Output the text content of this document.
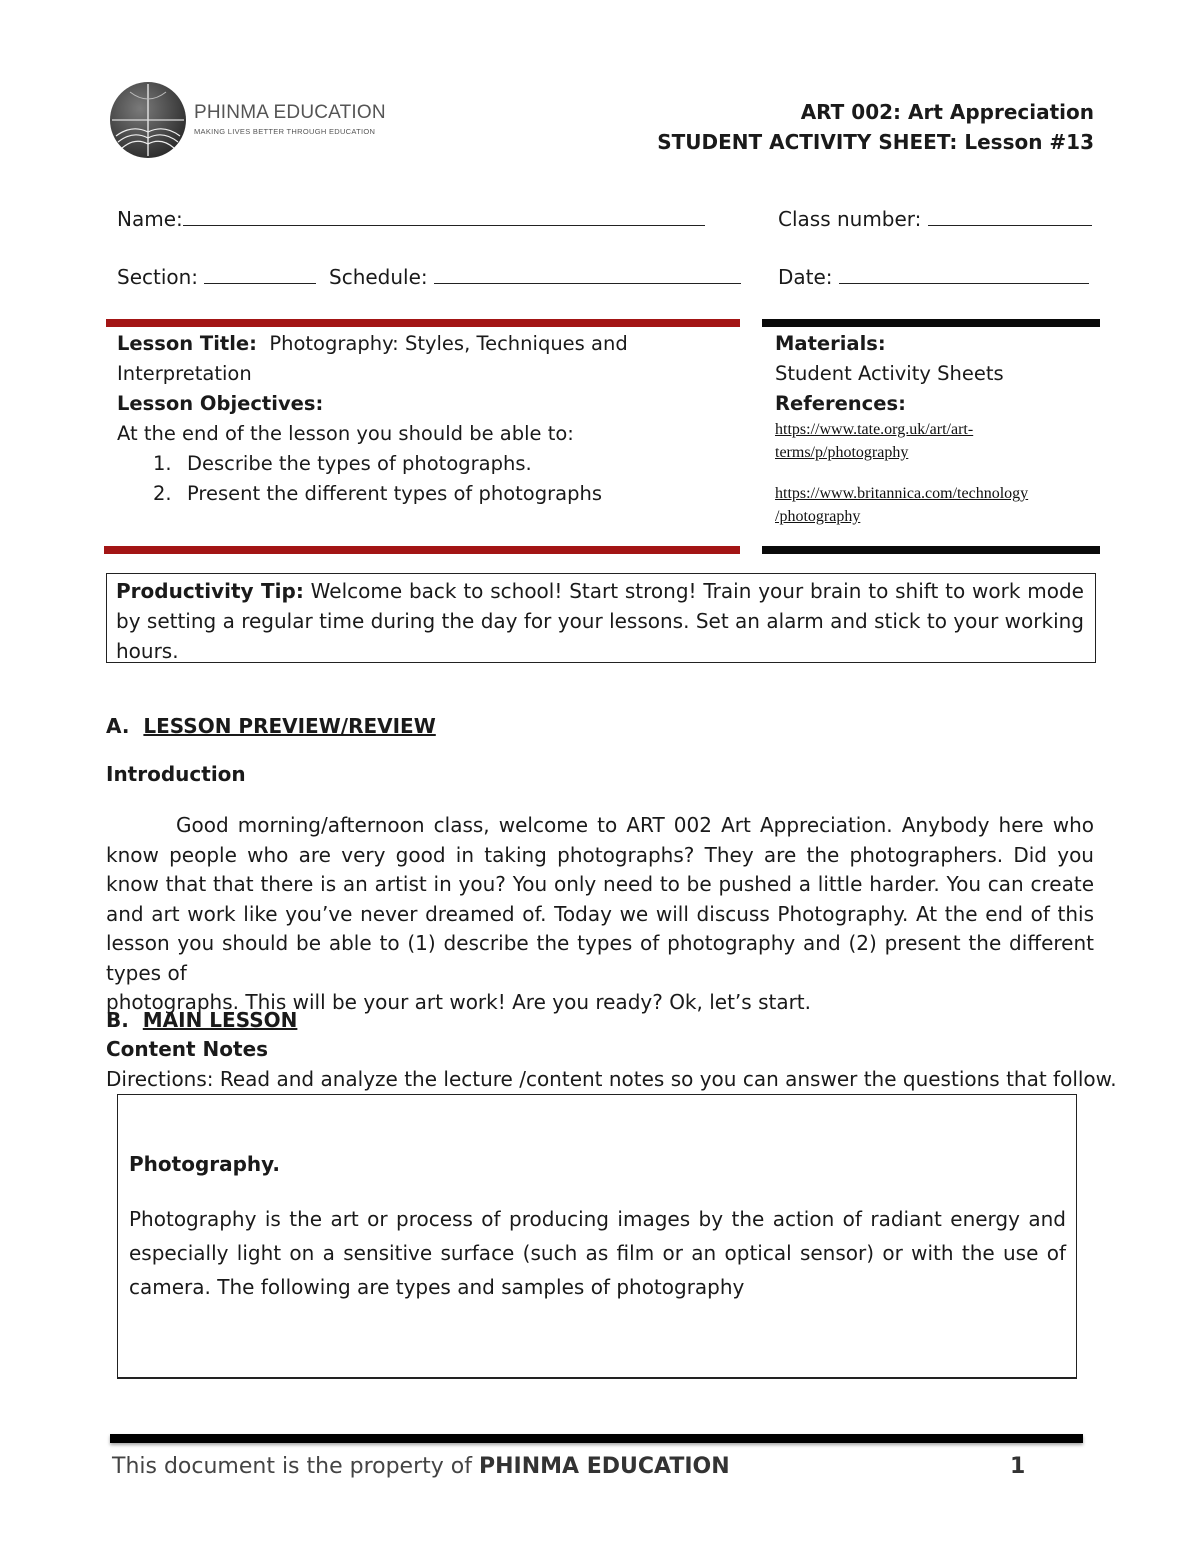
PHINMA EDUCATION
MAKING LIVES BETTER THROUGH EDUCATION
ART 002: Art Appreciation
STUDENT ACTIVITY SHEET: Lesson #13
Name:	Class number:
Section:	Schedule:	Date:
Lesson Title: Photography: Styles, Techniques and
Interpretation
Lesson Objectives:
At the end of the lesson you should be able to:
1. Describe the types of photographs.
2. Present the different types of photographs
Materials:
Student Activity Sheets
References:
https://www.tate.org.uk/art/art-
terms/p/photography
https://www.britannica.com/technology
/photography
Productivity Tip: Welcome back to school! Start strong! Train your brain to shift to work mode by setting a regular time during the day for your lessons. Set an alarm and stick to your working hours.
A. LESSON PREVIEW/REVIEW
Introduction
Good morning/afternoon class, welcome to ART 002 Art Appreciation. Anybody here who know people who are very good in taking photographs? They are the photographers. Did you know that that there is an artist in you? You only need to be pushed a little harder. You can create and art work like you’ve never dreamed of. Today we will discuss Photography. At the end of this lesson you should be able to (1) describe the types of photography and (2) present the different types of
photographs. This will be your art work! Are you ready? Ok, let’s start.
B. MAIN LESSON
Content Notes
Directions: Read and analyze the lecture /content notes so you can answer the questions that follow.
Photography.
Photography is the art or process of producing images by the action of radiant energy and especially light on a sensitive surface (such as film or an optical sensor) or with the use of camera. The following are types and samples of photography
This document is the property of PHINMA EDUCATION	1
